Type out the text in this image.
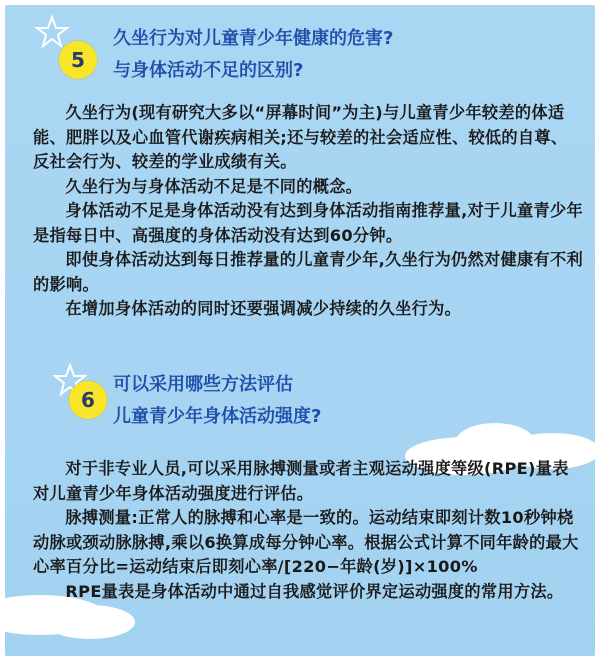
5
久坐行为对儿童青少年健康的危害?
与身体活动不足的区别?

久坐行为(现有研究大多以“屏幕时间”为主)与儿童青少年较差的体适能、肥胖以及心血管代谢疾病相关;还与较差的社会适应性、较低的自尊、反社会行为、较差的学业成绩有关。

久坐行为与身体活动不足是不同的概念。

身体活动不足是身体活动没有达到身体活动指南推荐量,对于儿童青少年是指每日中、高强度的身体活动没有达到60分钟。

即使身体活动达到每日推荐量的儿童青少年,久坐行为仍然对健康有不利的影响。

在增加身体活动的同时还要强调减少持续的久坐行为。

6
可以采用哪些方法评估
儿童青少年身体活动强度?

对于非专业人员,可以采用脉搏测量或者主观运动强度等级(RPE)量表对儿童青少年身体活动强度进行评估。

脉搏测量:正常人的脉搏和心率是一致的。运动结束即刻计数10秒钟桡动脉或颈动脉脉搏,乘以6换算成每分钟心率。根据公式计算不同年龄的最大心率百分比=运动结束后即刻心率/[220−年龄(岁)]×100%

RPE量表是身体活动中通过自我感觉评价界定运动强度的常用方法。
